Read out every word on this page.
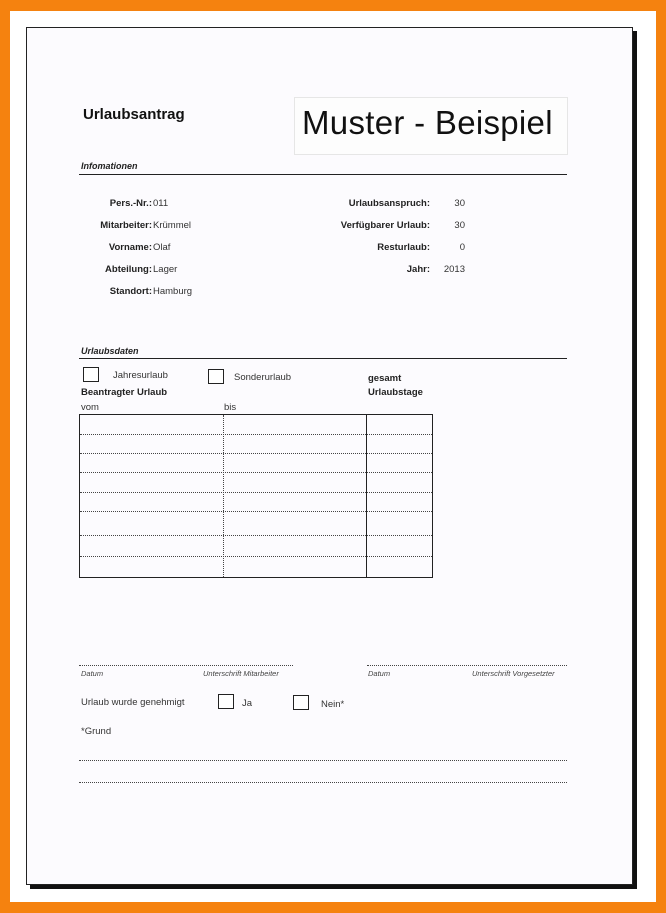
Urlaubsantrag	Muster - Beispiel
Infomationen
Pers.-Nr.: 011
Mitarbeiter: Krümmel
Vorname: Olaf
Abteilung: Lager
Standort: Hamburg
Urlaubsanspruch:	30
Verfügbarer Urlaub:	30
Resturlaub:	0
Jahr:	2013
Urlaubsdaten
Jahresurlaub	Sonderurlaub	gesamt
Urlaubstage
Beantragter Urlaub
vom	bis
Datum	Unterschrift Mitarbeiter	Datum	Unterschrift Vorgesetzter
Urlaub wurde genehmigt	Ja	Nein*
*Grund
